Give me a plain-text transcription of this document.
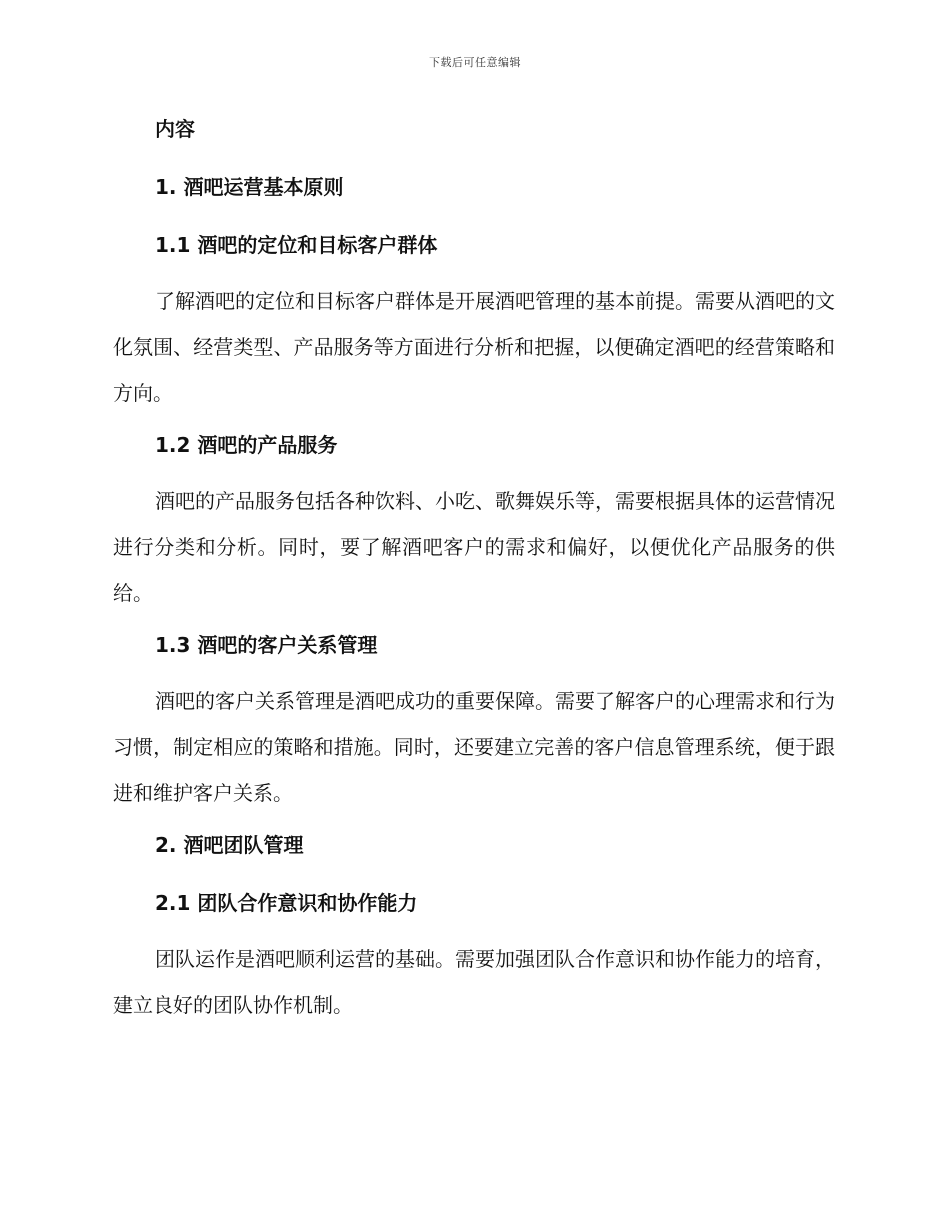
下载后可任意编辑
内容
1. 酒吧运营基本原则
1.1 酒吧的定位和目标客户群体

了解酒吧的定位和目标客户群体是开展酒吧管理的基本前提。需要从酒吧的文化氛围、经营类型、产品服务等方面进行分析和把握，以便确定酒吧的经营策略和方向。

1.2 酒吧的产品服务

酒吧的产品服务包括各种饮料、小吃、歌舞娱乐等，需要根据具体的运营情况进行分类和分析。同时，要了解酒吧客户的需求和偏好，以便优化产品服务的供给。

1.3 酒吧的客户关系管理

酒吧的客户关系管理是酒吧成功的重要保障。需要了解客户的心理需求和行为习惯，制定相应的策略和措施。同时，还要建立完善的客户信息管理系统，便于跟进和维护客户关系。

2. 酒吧团队管理
2.1 团队合作意识和协作能力

团队运作是酒吧顺利运营的基础。需要加强团队合作意识和协作能力的培育，建立良好的团队协作机制。
